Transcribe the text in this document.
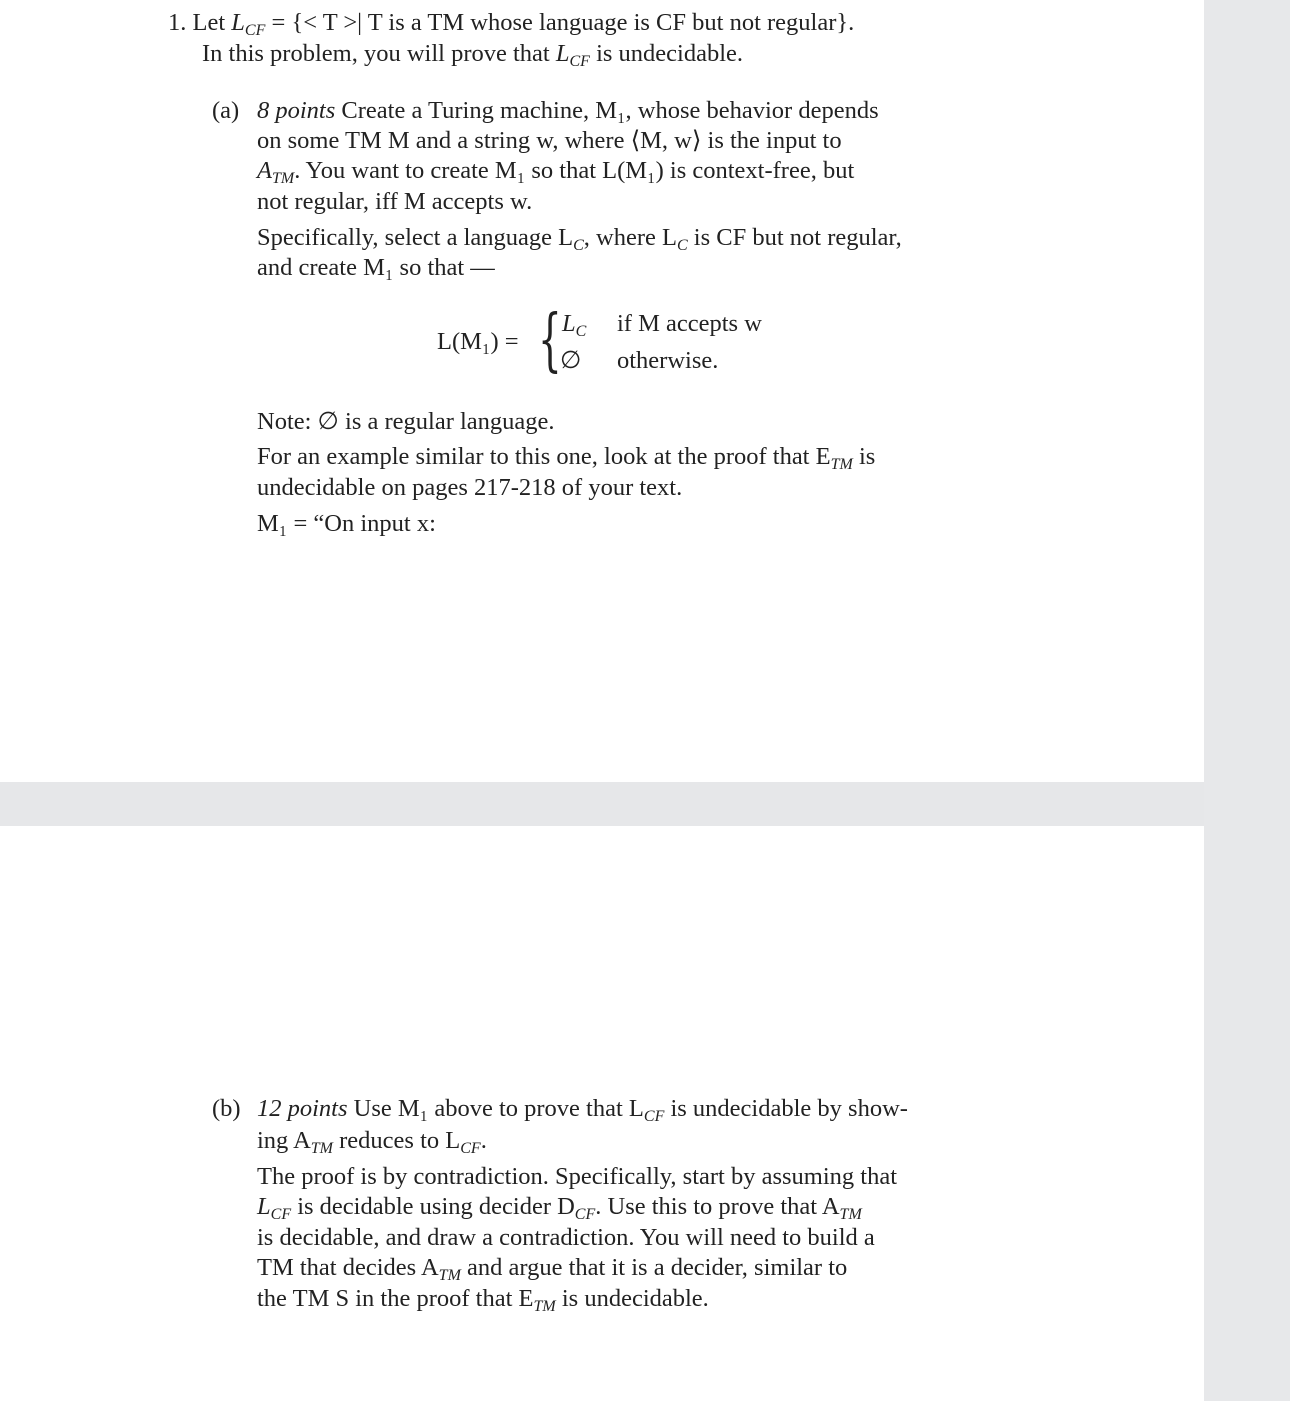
1. Let $L_{CF}$ = {< T >| T is a TM whose language is CF but not regular}.
In this problem, you will prove that $L_{CF}$ is undecidable.
(a) 8 points Create a Turing machine, M₁, whose behavior depends
on some TM M and a string w, where ⟨M, w⟩ is the input to
$A_{TM}$. You want to create M₁ so that L(M₁) is context-free, but
not regular, iff M accepts w.
Specifically, select a language $L_C$, where $L_C$ is CF but not regular,
and create M₁ so that —
L(M₁) = { $L_C$ if M accepts w
∅ otherwise.
Note: ∅ is a regular language.
For an example similar to this one, look at the proof that $E_{TM}$ is
undecidable on pages 217-218 of your text.
M₁ = “On input x:
(b) 12 points Use M₁ above to prove that $L_{CF}$ is undecidable by show-
ing $A_{TM}$ reduces to $L_{CF}$.
The proof is by contradiction. Specifically, start by assuming that
$L_{CF}$ is decidable using decider $D_{CF}$. Use this to prove that $A_{TM}$
is decidable, and draw a contradiction. You will need to build a
TM that decides $A_{TM}$ and argue that it is a decider, similar to
the TM S in the proof that $E_{TM}$ is undecidable.
